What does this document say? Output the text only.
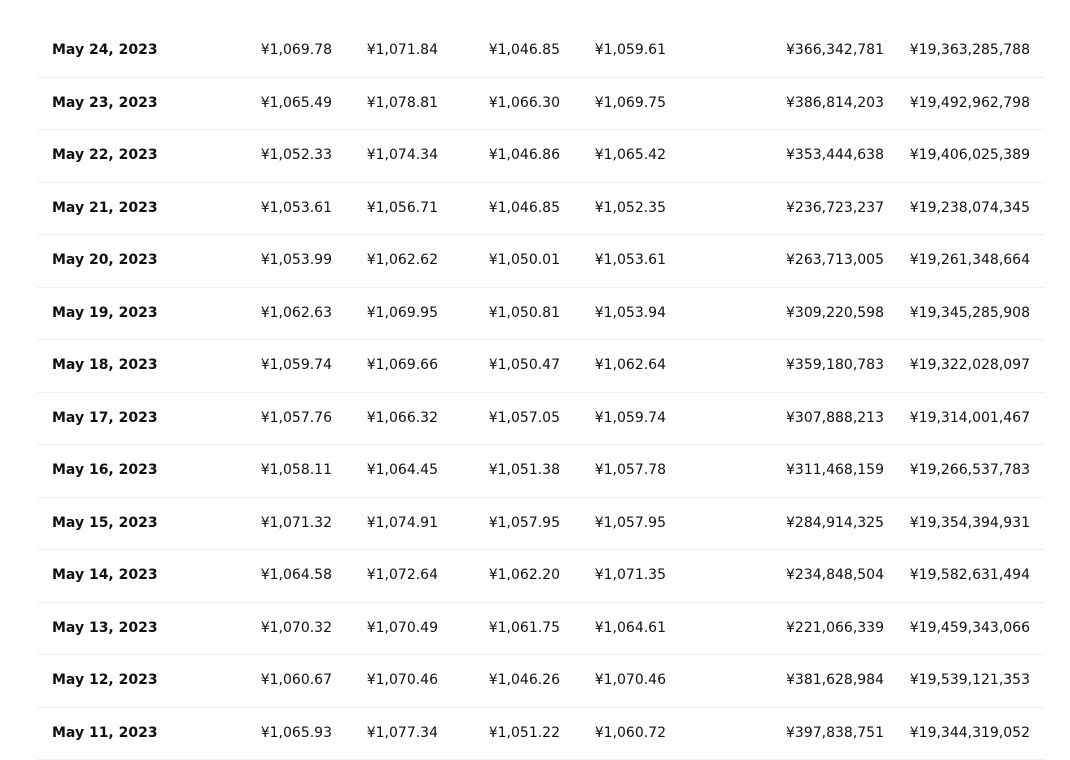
May 24, 2023	¥1,069.78 ¥1,071.84	¥1,046.85 ¥1,059.61	¥366,342,781 ¥19,363,285,788
May 23, 2023	¥1,065.49 ¥1,078.81	¥1,066.30 ¥1,069.75	¥386,814,203 ¥19,492,962,798
May 22, 2023	¥1,052.33 ¥1,074.34	¥1,046.86 ¥1,065.42	¥353,444,638 ¥19,406,025,389
May 21, 2023	¥1,053.61 ¥1,056.71	¥1,046.85 ¥1,052.35	¥236,723,237 ¥19,238,074,345
May 20, 2023	¥1,053.99 ¥1,062.62	¥1,050.01 ¥1,053.61	¥263,713,005 ¥19,261,348,664
May 19, 2023	¥1,062.63 ¥1,069.95	¥1,050.81 ¥1,053.94	¥309,220,598 ¥19,345,285,908
May 18, 2023	¥1,059.74 ¥1,069.66	¥1,050.47 ¥1,062.64	¥359,180,783 ¥19,322,028,097
May 17, 2023	¥1,057.76 ¥1,066.32	¥1,057.05 ¥1,059.74	¥307,888,213 ¥19,314,001,467
May 16, 2023	¥1,058.11 ¥1,064.45	¥1,051.38 ¥1,057.78	¥311,468,159 ¥19,266,537,783
May 15, 2023	¥1,071.32 ¥1,074.91	¥1,057.95 ¥1,057.95	¥284,914,325 ¥19,354,394,931
May 14, 2023	¥1,064.58 ¥1,072.64	¥1,062.20 ¥1,071.35	¥234,848,504 ¥19,582,631,494
May 13, 2023	¥1,070.32 ¥1,070.49	¥1,061.75 ¥1,064.61	¥221,066,339 ¥19,459,343,066
May 12, 2023	¥1,060.67 ¥1,070.46	¥1,046.26 ¥1,070.46	¥381,628,984 ¥19,539,121,353
May 11, 2023	¥1,065.93 ¥1,077.34	¥1,051.22 ¥1,060.72	¥397,838,751 ¥19,344,319,052
